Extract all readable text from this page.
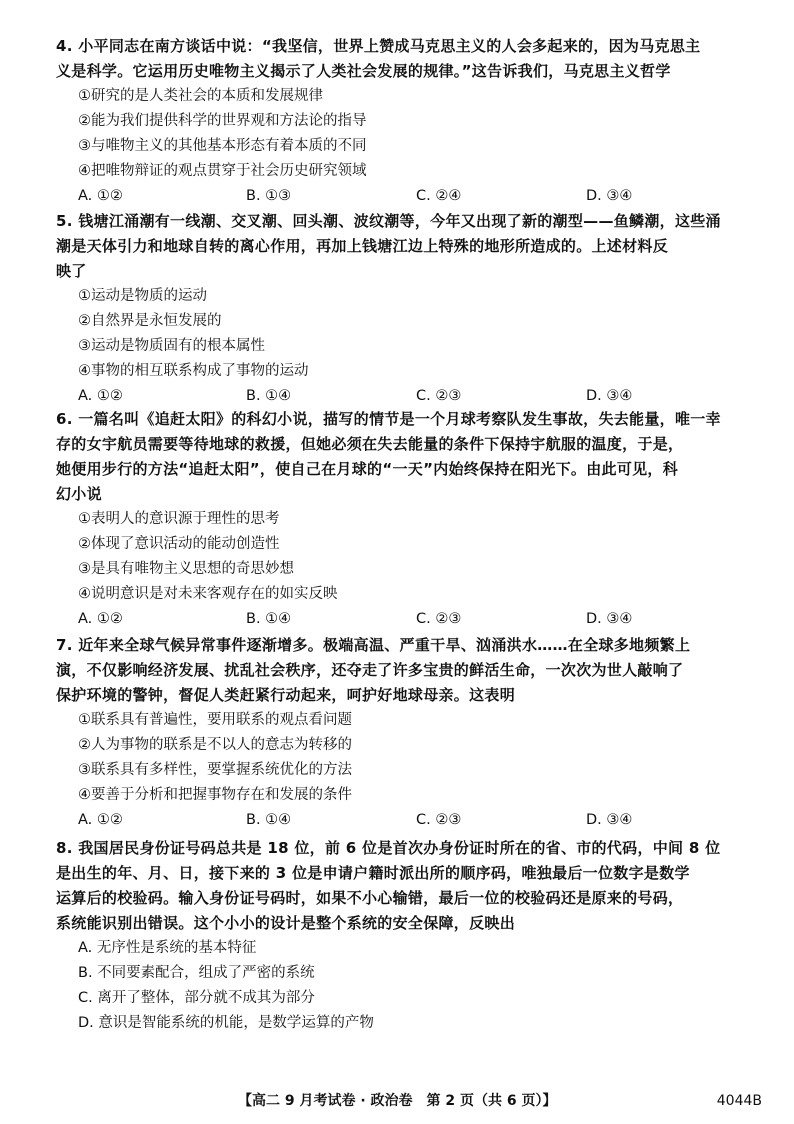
4. 小平同志在南方谈话中说：“我坚信，世界上赞成马克思主义的人会多起来的，因为马克思主
义是科学。它运用历史唯物主义揭示了人类社会发展的规律。”这告诉我们，马克思主义哲学
①研究的是人类社会的本质和发展规律
②能为我们提供科学的世界观和方法论的指导
③与唯物主义的其他基本形态有着本质的不同
④把唯物辩证的观点贯穿于社会历史研究领域
A. ①②	B. ①③	C. ②④	D. ③④
5. 钱塘江涌潮有一线潮、交叉潮、回头潮、波纹潮等，今年又出现了新的潮型——鱼鳞潮，这些涌
潮是天体引力和地球自转的离心作用，再加上钱塘江边上特殊的地形所造成的。上述材料反
映了
①运动是物质的运动
②自然界是永恒发展的
③运动是物质固有的根本属性
④事物的相互联系构成了事物的运动
A. ①②	B. ①④	C. ②③	D. ③④
6. 一篇名叫《追赶太阳》的科幻小说，描写的情节是一个月球考察队发生事故，失去能量，唯一幸
存的女宇航员需要等待地球的救援，但她必须在失去能量的条件下保持宇航服的温度，于是，
她便用步行的方法“追赶太阳”，使自己在月球的“一天”内始终保持在阳光下。由此可见，科
幻小说
①表明人的意识源于理性的思考
②体现了意识活动的能动创造性
③是具有唯物主义思想的奇思妙想
④说明意识是对未来客观存在的如实反映
A. ①②	B. ①④	C. ②③	D. ③④
7. 近年来全球气候异常事件逐渐增多。极端高温、严重干旱、汹涌洪水……在全球多地频繁上
演，不仅影响经济发展、扰乱社会秩序，还夺走了许多宝贵的鲜活生命，一次次为世人敲响了
保护环境的警钟，督促人类赶紧行动起来，呵护好地球母亲。这表明
①联系具有普遍性，要用联系的观点看问题
②人为事物的联系是不以人的意志为转移的
③联系具有多样性，要掌握系统优化的方法
④要善于分析和把握事物存在和发展的条件
A. ①②	B. ①④	C. ②③	D. ③④
8. 我国居民身份证号码总共是 18 位，前 6 位是首次办身份证时所在的省、市的代码，中间 8 位
是出生的年、月、日，接下来的 3 位是申请户籍时派出所的顺序码，唯独最后一位数字是数学
运算后的校验码。输入身份证号码时，如果不小心输错，最后一位的校验码还是原来的号码，
系统能识别出错误。这个小小的设计是整个系统的安全保障，反映出
A. 无序性是系统的基本特征
B. 不同要素配合，组成了严密的系统
C. 离开了整体，部分就不成其为部分
D. 意识是智能系统的机能，是数学运算的产物
【高二 9 月考试卷 · 政治卷　第 2 页（共 6 页）】	4044B
